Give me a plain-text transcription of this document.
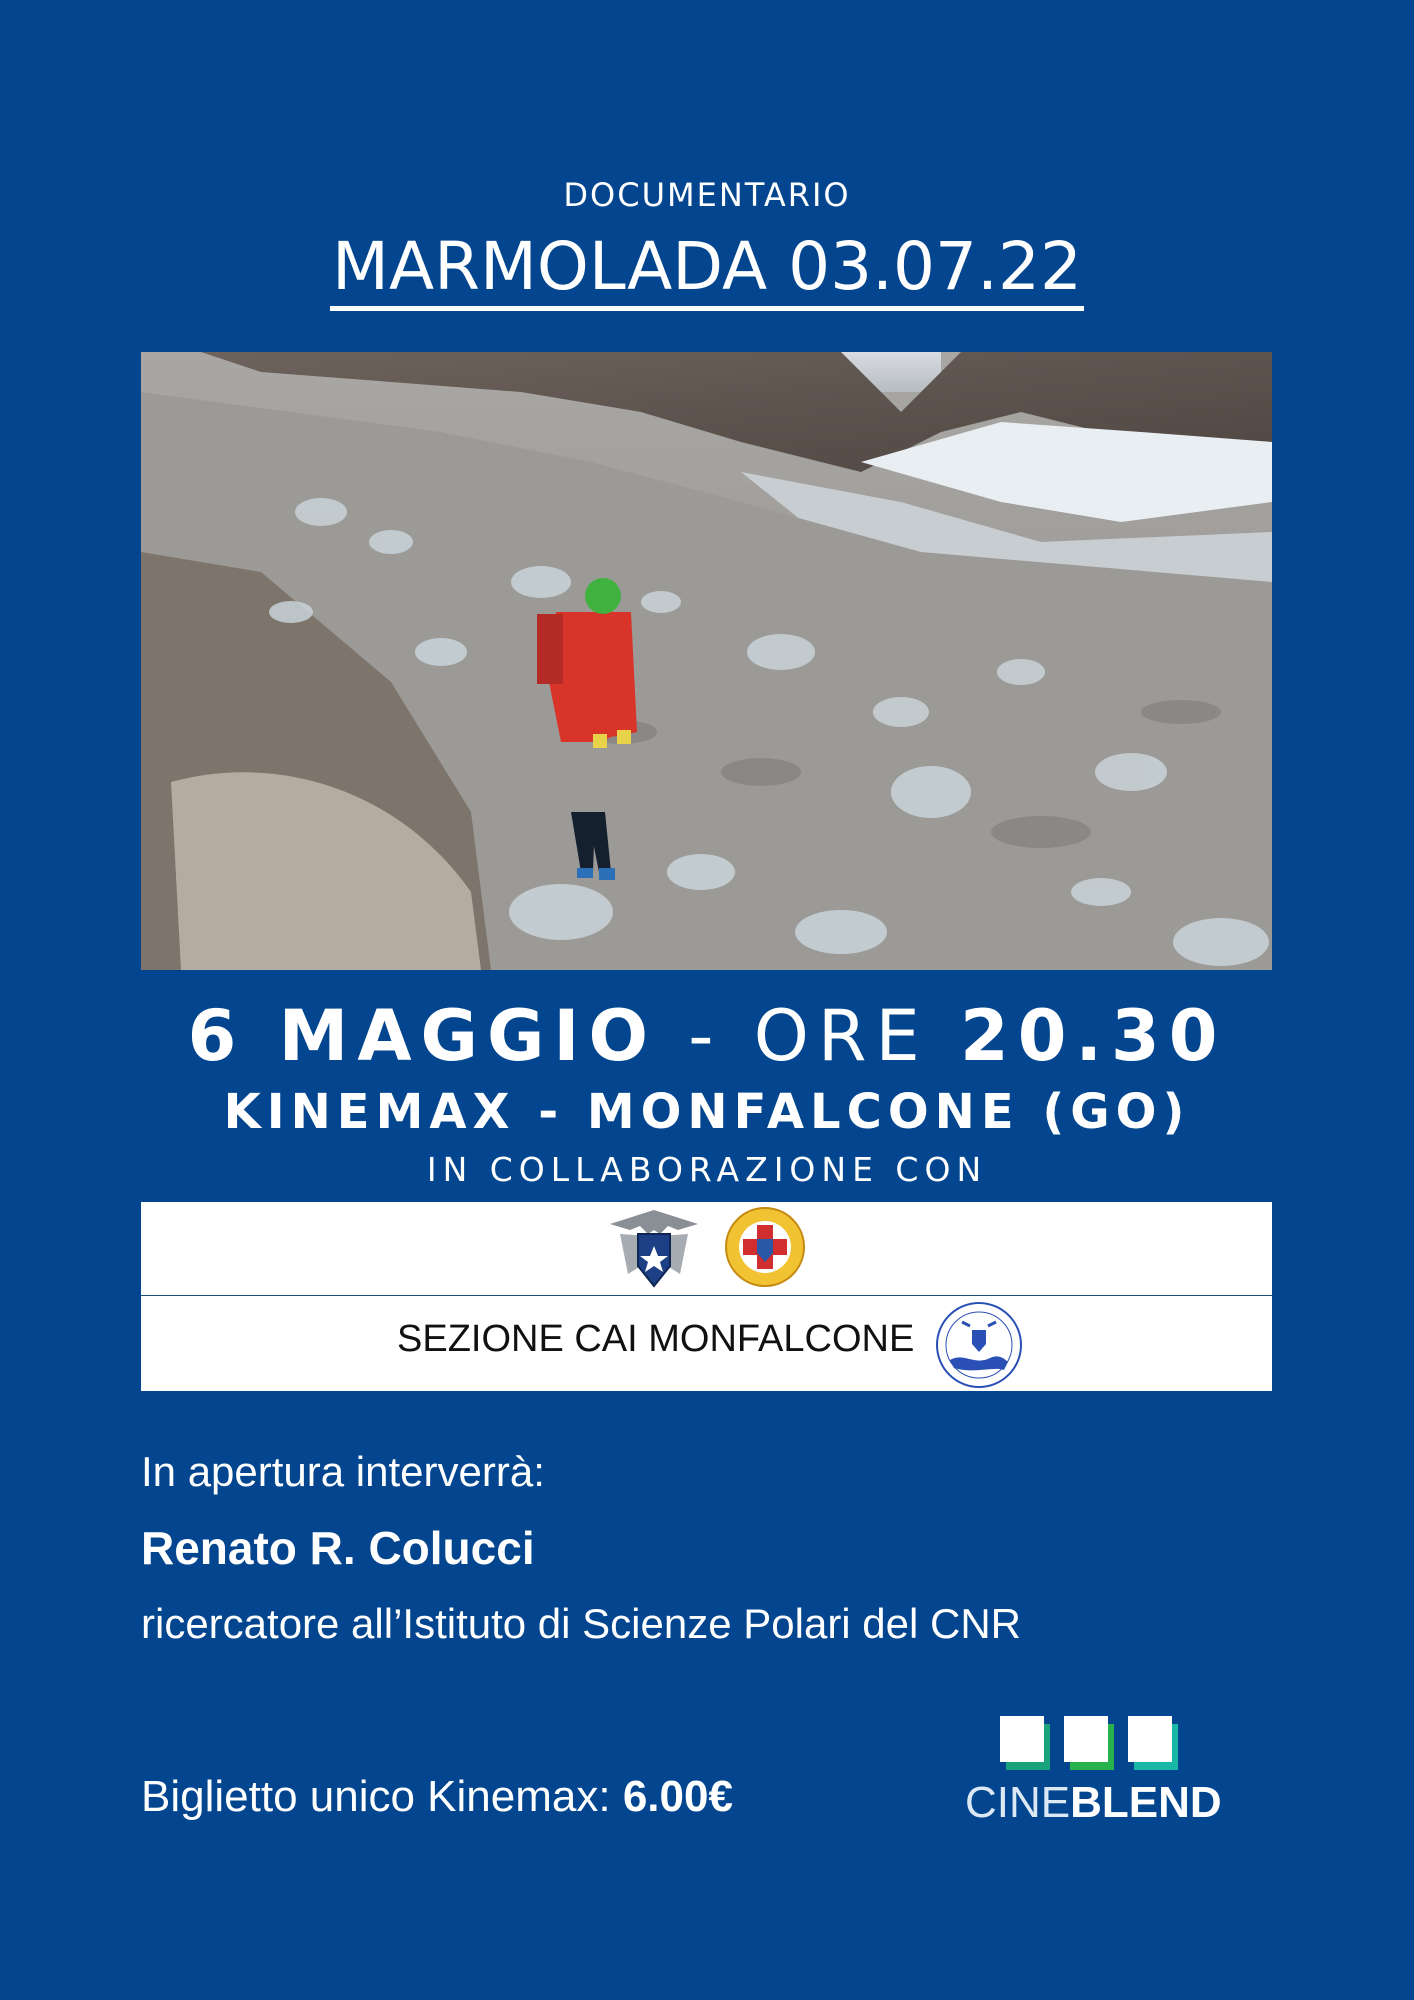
DOCUMENTARIO
MARMOLADA 03.07.22
6 MAGGIO - ORE 20.30
KINEMAX - MONFALCONE (GO)
IN COLLABORAZIONE CON
SEZIONE CAI MONFALCONE
In apertura interverrà:
Renato R. Colucci
ricercatore all’Istituto di Scienze Polari del CNR
Biglietto unico Kinemax: 6.00€	CINEBLEND
